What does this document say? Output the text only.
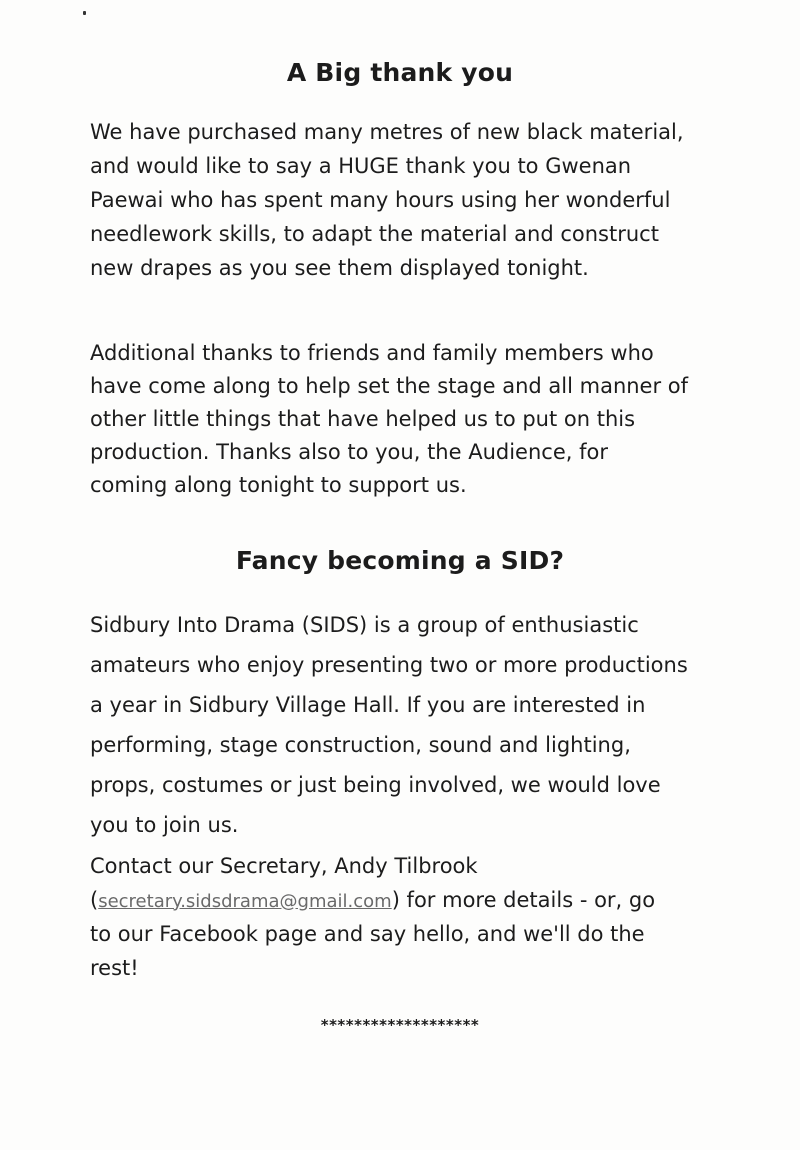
A Big thank you

We have purchased many metres of new black material,
and would like to say a HUGE thank you to Gwenan
Paewai who has spent many hours using her wonderful
needlework skills, to adapt the material and construct
new drapes as you see them displayed tonight.

Additional thanks to friends and family members who
have come along to help set the stage and all manner of
other little things that have helped us to put on this
production. Thanks also to you, the Audience, for
coming along tonight to support us.

Fancy becoming a SID?

Sidbury Into Drama (SIDS) is a group of enthusiastic
amateurs who enjoy presenting two or more productions
a year in Sidbury Village Hall. If you are interested in
performing, stage construction, sound and lighting,
props, costumes or just being involved, we would love
you to join us.

Contact our Secretary, Andy Tilbrook
(secretary.sidsdrama@gmail.com) for more details - or, go
to our Facebook page and say hello, and we'll do the
rest!

*******************
